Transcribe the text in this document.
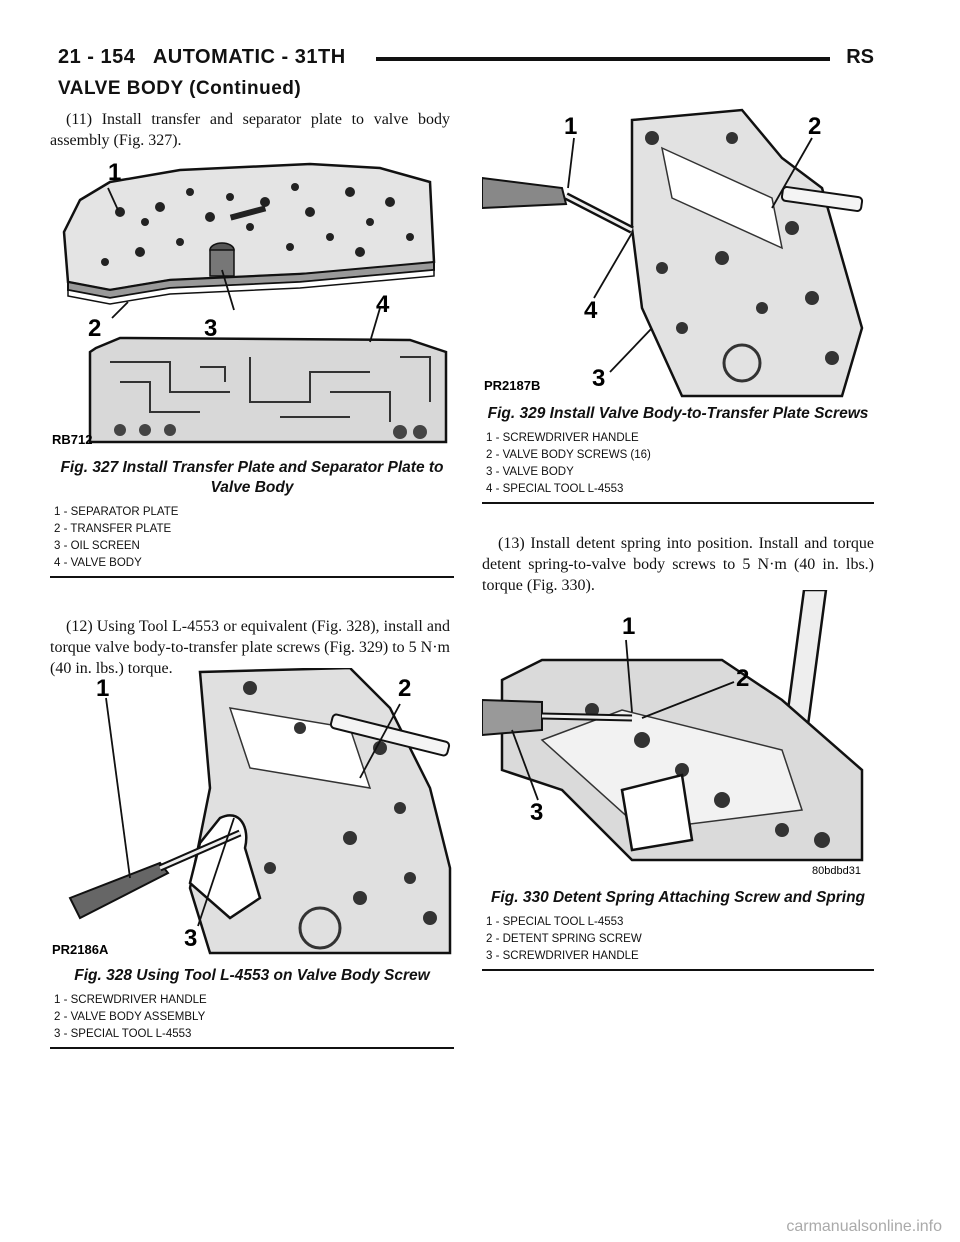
21 - 154   AUTOMATIC - 31TH	RS
VALVE BODY (Continued)
(11) Install transfer and separator plate to valve body assembly (Fig. 327).
1
2	3
4
RB712
Fig. 327 Install Transfer Plate and Separator Plate to Valve Body
1 - SEPARATOR PLATE
2 - TRANSFER PLATE
3 - OIL SCREEN
4 - VALVE BODY
(12) Using Tool L-4553 or equivalent (Fig. 328), install and torque valve body-to-transfer plate screws (Fig. 329) to 5 N·m (40 in. lbs.) torque.
1	2
3
PR2186A
Fig. 328 Using Tool L-4553 on Valve Body Screw
1 - SCREWDRIVER HANDLE
2 - VALVE BODY ASSEMBLY
3 - SPECIAL TOOL L-4553
1	2
4
3
PR2187B
Fig. 329 Install Valve Body-to-Transfer Plate Screws
1 - SCREWDRIVER HANDLE
2 - VALVE BODY SCREWS (16)
3 - VALVE BODY
4 - SPECIAL TOOL L-4553
(13) Install detent spring into position. Install and torque detent spring-to-valve body screws to 5 N·m (40 in. lbs.) torque (Fig. 330).
1
2
3
80bdbd31
Fig. 330 Detent Spring Attaching Screw and Spring
1 - SPECIAL TOOL L-4553
2 - DETENT SPRING SCREW
3 - SCREWDRIVER HANDLE
carmanualsonline.info
